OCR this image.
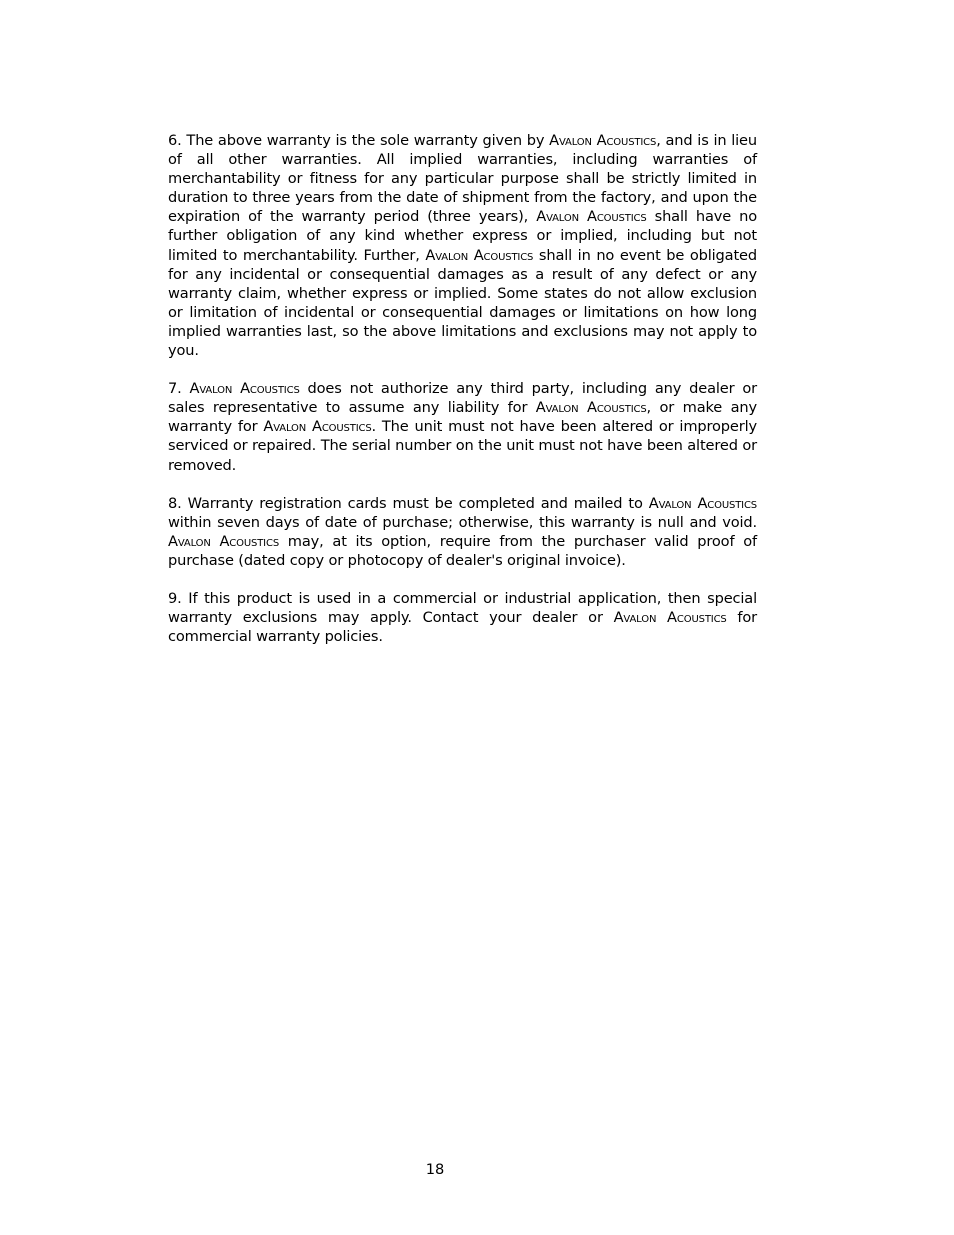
6. The above warranty is the sole warranty given by Avalon Acoustics, and is in lieu of all other warranties. All implied warranties, including warranties of merchantability or fitness for any particular purpose shall be strictly limited in duration to three years from the date of shipment from the factory, and upon the expiration of the warranty period (three years), Avalon Acoustics shall have no further obligation of any kind whether express or implied, including but not limited to merchantability. Further, Avalon Acoustics shall in no event be obligated for any incidental or consequential damages as a result of any defect or any warranty claim, whether express or implied. Some states do not allow exclusion or limitation of incidental or consequential damages or limitations on how long implied warranties last, so the above limitations and exclusions may not apply to you.

7. Avalon Acoustics does not authorize any third party, including any dealer or sales representative to assume any liability for Avalon Acoustics, or make any warranty for Avalon Acoustics. The unit must not have been altered or improperly serviced or repaired. The serial number on the unit must not have been altered or removed.

8. Warranty registration cards must be completed and mailed to Avalon Acoustics within seven days of date of purchase; otherwise, this warranty is null and void. Avalon Acoustics may, at its option, require from the purchaser valid proof of purchase (dated copy or photocopy of dealer's original invoice).

9. If this product is used in a commercial or industrial application, then special warranty exclusions may apply. Contact your dealer or Avalon Acoustics for commercial warranty policies.

18
